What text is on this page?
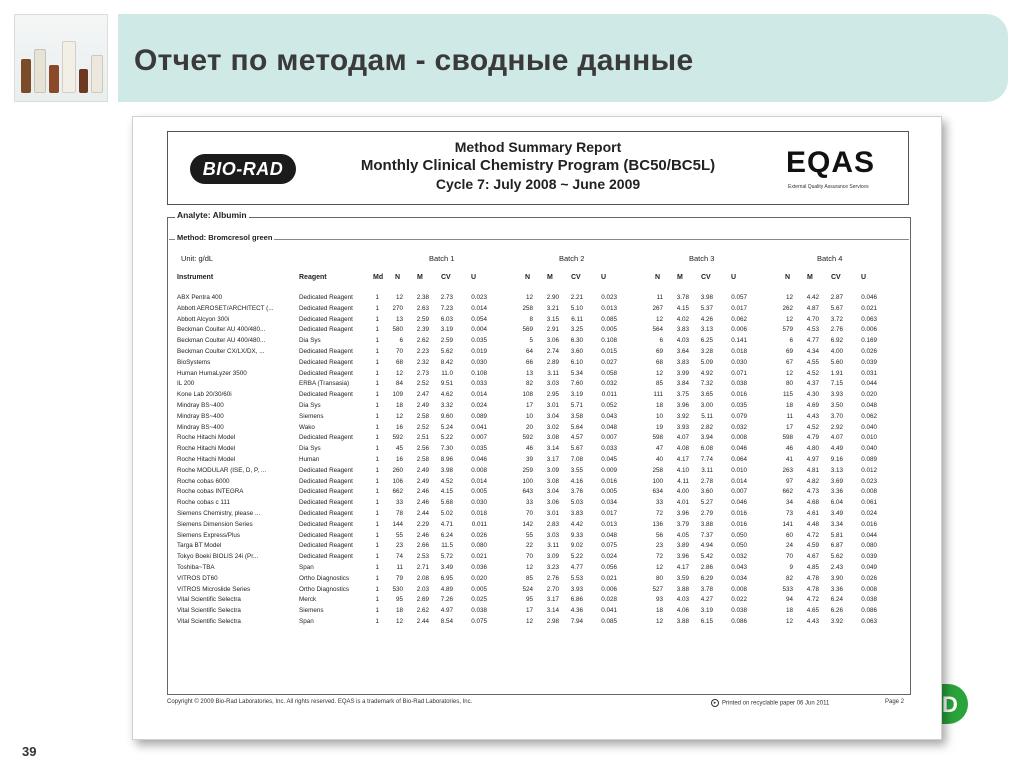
Отчет по методам - сводные данные
D
39
BIO-RAD
Method Summary Report
Monthly Clinical Chemistry Program (BC50/BC5L)
Cycle 7: July 2008 ~ June 2009
EQAS
External Quality Assurance Services
Analyte: Albumin
Method: Bromcresol green
Unit: g/dL	Batch 1	Batch 2	Batch 3	Batch 4
Instrument	Reagent	Md N M	CV	U	N M	CV	U	N M	CV	U	N M	CV	U
ABX Pentra 400	Dedicated Reagent	1	12	2.38	2.73	0.023	12	2.90	2.21	0.023	11	3.78	3.98	0.057	12	4.42	2.87	0.046
Abbott AEROSET/ARCHITECT (...	Dedicated Reagent	1	270	2.63	7.23	0.014	258	3.21	5.10	0.013	267	4.15	5.37	0.017	262	4.87	5.67	0.021
Abbott Alcyon 300i	Dedicated Reagent	1	13	2.59	6.03	0.054	8	3.15	6.11	0.085	12	4.02	4.26	0.062	12	4.70	3.72	0.063
Beckman Coulter AU 400/480...	Dedicated Reagent	1	580	2.39	3.19	0.004	569	2.91	3.25	0.005	564	3.83	3.13	0.006	579	4.53	2.76	0.006
Beckman Coulter AU 400/480...	Dia Sys	1	6	2.62	2.59	0.035	5	3.06	6.30	0.108	6	4.03	6.25	0.141	6	4.77	6.92	0.169
Beckman Coulter CX/LX/DX, ...	Dedicated Reagent	1	70	2.23	5.62	0.019	64	2.74	3.60	0.015	69	3.64	3.28	0.018	69	4.34	4.00	0.026
BioSystems	Dedicated Reagent	1	68	2.32	8.42	0.030	66	2.89	6.10	0.027	68	3.83	5.09	0.030	67	4.55	5.60	0.039
Human HumaLyzer 3500	Dedicated Reagent	1	12	2.73	11.0	0.108	13	3.11	5.34	0.058	12	3.99	4.92	0.071	12	4.52	1.91	0.031
IL 200	ERBA (Transasia)	1	84	2.52	9.51	0.033	82	3.03	7.60	0.032	85	3.84	7.32	0.038	80	4.37	7.15	0.044
Kone Lab 20/30/60i	Dedicated Reagent	1	109	2.47	4.62	0.014	108	2.95	3.19	0.011	111	3.75	3.65	0.016	115	4.30	3.93	0.020
Mindray BS~400	Dia Sys	1	18	2.49	3.32	0.024	17	3.01	5.71	0.052	18	3.96	3.00	0.035	18	4.69	3.50	0.048
Mindray BS~400	Siemens	1	12	2.58	9.60	0.089	10	3.04	3.58	0.043	10	3.92	5.11	0.079	11	4.43	3.70	0.062
Mindray BS~400	Wako	1	16	2.52	5.24	0.041	20	3.02	5.64	0.048	19	3.93	2.82	0.032	17	4.52	2.92	0.040
Roche Hitachi Model	Dedicated Reagent	1	592	2.51	5.22	0.007	592	3.08	4.57	0.007	598	4.07	3.94	0.008	598	4.79	4.07	0.010
Roche Hitachi Model	Dia Sys	1	45	2.56	7.30	0.035	46	3.14	5.67	0.033	47	4.08	6.08	0.046	46	4.80	4.49	0.040
Roche Hitachi Model	Human	1	16	2.58	8.96	0.046	39	3.17	7.08	0.045	40	4.17	7.74	0.064	41	4.97	9.16	0.089
Roche MODULAR (ISE, D, P, ...	Dedicated Reagent	1	260	2.49	3.98	0.008	259	3.09	3.55	0.009	258	4.10	3.11	0.010	263	4.81	3.13	0.012
Roche cobas 6000	Dedicated Reagent	1	106	2.49	4.52	0.014	100	3.08	4.16	0.016	100	4.11	2.78	0.014	97	4.82	3.69	0.023
Roche cobas INTEGRA	Dedicated Reagent	1	662	2.46	4.15	0.005	643	3.04	3.76	0.005	634	4.00	3.60	0.007	662	4.73	3.36	0.008
Roche cobas c 111	Dedicated Reagent	1	33	2.46	5.68	0.030	33	3.06	5.03	0.034	33	4.01	5.27	0.046	34	4.68	6.04	0.061
Siemens Chemistry, please ...	Dedicated Reagent	1	78	2.44	5.02	0.018	70	3.01	3.83	0.017	72	3.96	2.79	0.016	73	4.61	3.49	0.024
Siemens Dimension Series	Dedicated Reagent	1	144	2.29	4.71	0.011	142	2.83	4.42	0.013	136	3.79	3.88	0.016	141	4.48	3.34	0.016
Siemens Express/Plus	Dedicated Reagent	1	55	2.46	6.24	0.026	55	3.03	9.33	0.048	56	4.05	7.37	0.050	60	4.72	5.81	0.044
Targa BT Model	Dedicated Reagent	1	23	2.66	11.5	0.080	22	3.11	9.02	0.075	23	3.89	4.94	0.050	24	4.59	6.87	0.080
Tokyo Boeki BIOLIS 24i (Pr...	Dedicated Reagent	1	74	2.53	5.72	0.021	70	3.09	5.22	0.024	72	3.96	5.42	0.032	70	4.67	5.62	0.039
Toshiba~TBA	Span	1	11	2.71	3.49	0.036	12	3.23	4.77	0.056	12	4.17	2.86	0.043	9	4.85	2.43	0.049
VITROS DT60	Ortho Diagnostics	1	79	2.08	6.95	0.020	85	2.76	5.53	0.021	80	3.59	6.29	0.034	82	4.78	3.90	0.026
VITROS Microslide Series	Ortho Diagnostics	1	530	2.03	4.89	0.005	524	2.70	3.93	0.006	527	3.88	3.78	0.008	533	4.78	3.36	0.008
Vital Scientific Selectra	Merck	1	95	2.69	7.26	0.025	95	3.17	6.86	0.028	93	4.03	4.27	0.022	94	4.72	6.24	0.038
Vital Scientific Selectra	Siemens	1	18	2.62	4.97	0.038	17	3.14	4.36	0.041	18	4.06	3.19	0.038	18	4.65	6.26	0.086
Vital Scientific Selectra	Span	1	12	2.44	8.54	0.075	12	2.98	7.94	0.085	12	3.88	6.15	0.086	12	4.43	3.92	0.063
Copyright © 2009 Bio-Rad Laboratories, Inc. All rights reserved. EQAS is a trademark of Bio-Rad Laboratories, Inc.	▸ Printed on recyclable paper 06 Jun 2011	Page 2
